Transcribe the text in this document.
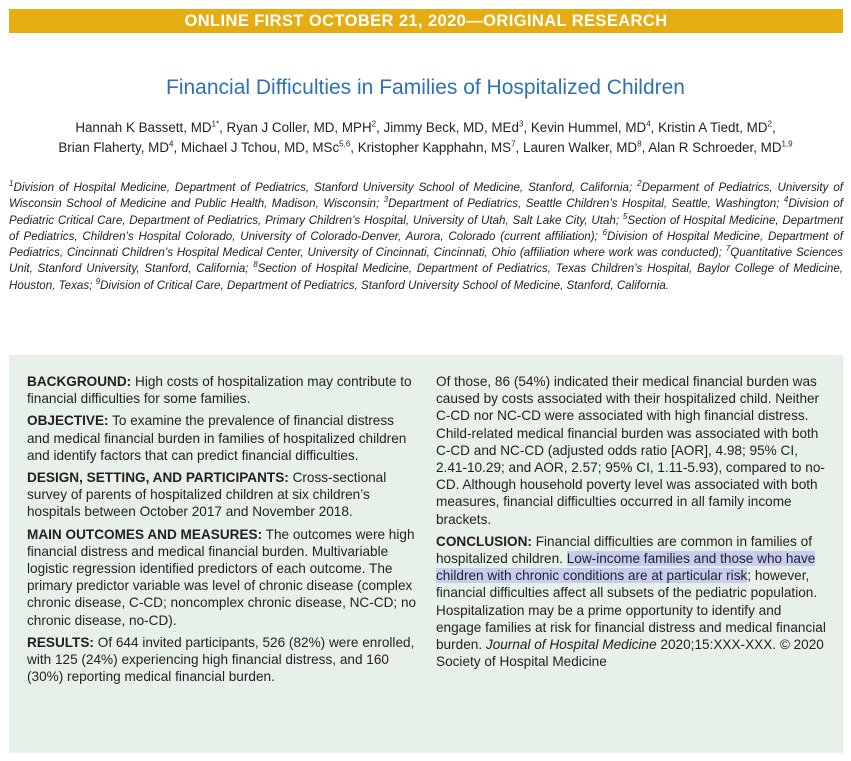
ONLINE FIRST OCTOBER 21, 2020—ORIGINAL RESEARCH
Financial Difficulties in Families of Hospitalized Children
Hannah K Bassett, $MD^{1*}$, Ryan J Coller, MD, MPH$^2$, Jimmy Beck, MD, MEd$^3$, Kevin Hummel, $MD^4$, Kristin A Tiedt, $MD^2$,
Brian Flaherty, $MD^4$, Michael J Tchou, MD, MSc$^{5,6}$, Kristopher Kapphahn, $MS^7$, Lauren Walker, $MD^8$, Alan R Schroeder, MD$^{1,9}$
$^1$Division of Hospital Medicine, Department of Pediatrics, Stanford University School of Medicine, Stanford, California; $^2$Deparment of Pediatrics, University of Wisconsin School of Medicine and Public Health, Madison, Wisconsin; $^3$Department of Pediatrics, Seattle Children’s Hospital, Seattle, Washington; $^4$Division of Pediatric Critical Care, Department of Pediatrics, Primary Children’s Hospital, University of Utah, Salt Lake City, Utah; $^5$Section of Hospital Medicine, Department of Pediatrics, Children’s Hospital Colorado, University of Colorado-Denver, Aurora, Colorado (current affiliation); $^6$Division of Hospital Medicine, Department of Pediatrics, Cincinnati Children’s Hospital Medical Center, University of Cincinnati, Cincinnati, Ohio (affiliation where work was conducted); $^7$Quantitative Sciences Unit, Stanford University, Stanford, California; $^8$Section of Hospital Medicine, Department of Pediatrics, Texas Children’s Hospital, Baylor College of Medicine, Houston, Texas; $^9$Division of Critical Care, Department of Pediatrics, Stanford University School of Medicine, Stanford, California.

BACKGROUND: High costs of hospitalization may contribute to financial difficulties for some families.

OBJECTIVE: To examine the prevalence of financial distress and medical financial burden in families of hospitalized children and identify factors that can predict financial difficulties.

DESIGN, SETTING, AND PARTICIPANTS: Cross-sectional survey of parents of hospitalized children at six children’s hospitals between October 2017 and November 2018.

MAIN OUTCOMES AND MEASURES: The outcomes were high financial distress and medical financial burden. Multivariable logistic regression identified predictors of each outcome. The primary predictor variable was level of chronic disease (complex chronic disease, C-CD; noncomplex chronic disease, NC-CD; no chronic disease, no-CD).

RESULTS: Of 644 invited participants, 526 (82%) were enrolled, with 125 (24%) experiencing high financial distress, and 160 (30%) reporting medical financial burden.

Of those, 86 (54%) indicated their medical financial burden was caused by costs associated with their hospitalized child. Neither C-CD nor NC-CD were associated with high financial distress. Child-related medical financial burden was associated with both C-CD and NC-CD (adjusted odds ratio [AOR], 4.98; 95% CI, 2.41-10.29; and AOR, 2.57; 95% CI, 1.11-5.93), compared to no-CD. Although household poverty level was associated with both measures, financial difficulties occurred in all family income brackets.

CONCLUSION: Financial difficulties are common in families of hospitalized children. Low-income families and those who have children with chronic conditions are at particular risk; however, financial difficulties affect all subsets of the pediatric population. Hospitalization may be a prime opportunity to identify and engage families at risk for financial distress and medical financial burden. Journal of Hospital Medicine 2020;15:XXX-XXX. © 2020 Society of Hospital Medicine
